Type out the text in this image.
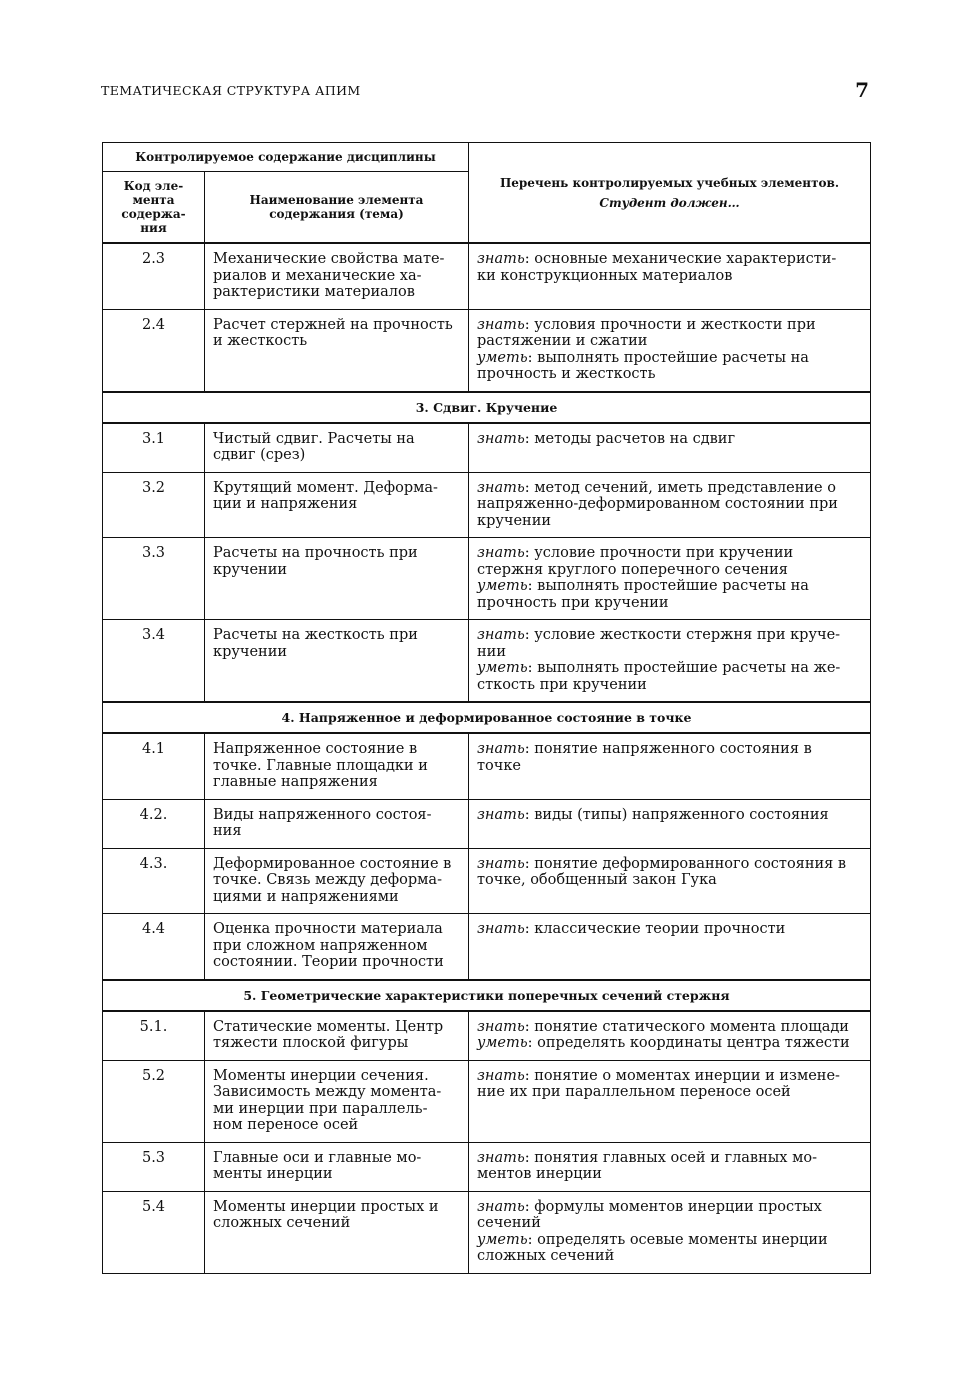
ТЕМАТИЧЕСКАЯ СТРУКТУРА АПИМ	7
Контролируемое содержание дисциплины		Перечень контролируемых учебных элементов.
Студент должен…

Код эле-
мента
содержа-
ния	Наименование элемента содержания (тема)	
2.3	Механические свойства мате-
риалов и механические ха-
рактеристики материалов	знать: основные механические характеристи-
ки конструкционных материалов

2.4	Расчет стержней на прочность
и жесткость	знать: условия прочности и жесткости при
растяжении и сжатии
уметь: выполнять простейшие расчеты на
прочность и жесткость

3. Сдвиг. Кручение		
3.1	Чистый сдвиг. Расчеты на
сдвиг (срез)	знать: методы расчетов на сдвиг

3.2	Крутящий момент. Деформа-
ции и напряжения	знать: метод сечений, иметь представление о
напряженно-деформированном состоянии при
кручении

3.3	Расчеты на прочность при
кручении	знать: условие прочности при кручении
стержня круглого поперечного сечения
уметь: выполнять простейшие расчеты на
прочность при кручении

3.4	Расчеты на жесткость при
кручении	знать: условие жесткости стержня при круче-
нии
уметь: выполнять простейшие расчеты на же-
сткость при кручении

4. Напряженное и деформированное состояние в точке		
4.1	Напряженное состояние в
точке. Главные площадки и
главные напряжения	знать: понятие напряженного состояния в
точке

4.2.	Виды напряженного состоя-
ния	знать: виды (типы) напряженного состояния

4.3.	Деформированное состояние в
точке. Связь между деформа-
циями и напряжениями	знать: понятие деформированного состояния в
точке, обобщенный закон Гука

4.4	Оценка прочности материала
при сложном напряженном
состоянии. Теории прочности	знать: классические теории прочности

5. Геометрические характеристики поперечных сечений стержня		
5.1.	Статические моменты. Центр
тяжести плоской фигуры	знать: понятие статического момента площади
уметь: определять координаты центра тяжести

5.2	Моменты инерции сечения.
Зависимость между момента-
ми инерции при параллель-
ном переносе осей	знать: понятие о моментах инерции и измене-
ние их при параллельном переносе осей

5.3	Главные оси и главные мо-
менты инерции	знать: понятия главных осей и главных мо-
ментов инерции

5.4	Моменты инерции простых и
сложных сечений	знать: формулы моментов инерции простых
сечений
уметь: определять осевые моменты инерции
сложных сечений
